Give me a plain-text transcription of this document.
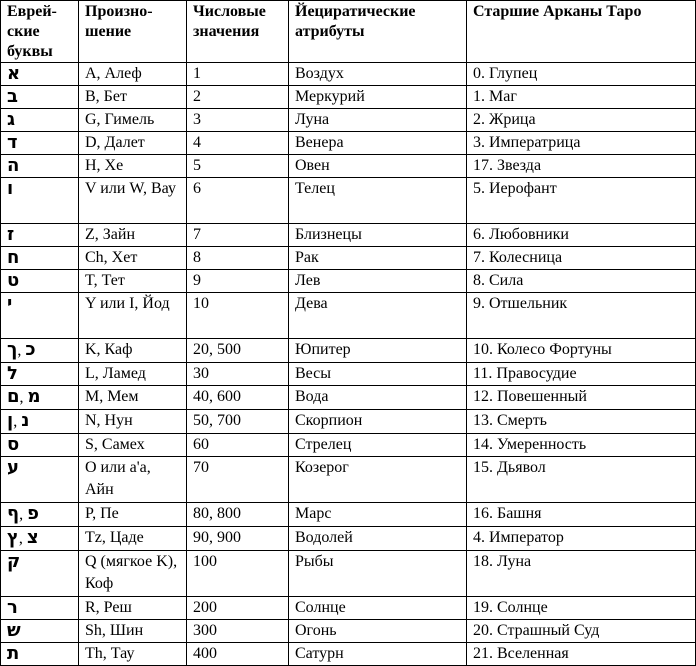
Еврей-ские буквы	Произно-шение	Числовые значения	Йециратические атрибуты	Старшие Арканы Таро
א	A, Алеф	1	Воздух	0. Глупец
ב	B, Бет	2	Меркурий	1. Маг
ג	G, Гимель	3	Луна	2. Жрица
ד	D, Далет	4	Венера	3. Императрица
ה	H, Хе	5	Овен	17. Звезда
ו	V или W, Вау	6	Телец	5. Иерофант
ז	Z, Зайн	7	Близнецы	6. Любовники
ח	Ch, Хет	8	Рак	7. Колесница
ט	T, Тет	9	Лев	8. Сила
י	Y или I, Йод	10	Дева	9. Отшельник
ך, כ	K, Каф	20, 500	Юпитер	10. Колесо Фортуны
ל	L, Ламед	30	Весы	11. Правосудие
ם, מ	M, Мем	40, 600	Вода	12. Повешенный
ן, נ	N, Нун	50, 700	Скорпион	13. Смерть
ס	S, Самех	60	Стрелец	14. Умеренность
ע	O или a'a, Айн	70	Козерог	15. Дьявол
ף, פ	P, Пе	80, 800	Марс	16. Башня
ץ, צ	Tz, Цаде	90, 900	Водолей	4. Император
ק	Q (мягкое K), Коф	100	Рыбы	18. Луна
ר	R, Реш	200	Солнце	19. Солнце
ש	Sh, Шин	300	Огонь	20. Страшный Суд
ת	Th, Тау	400	Сатурн	21. Вселенная
